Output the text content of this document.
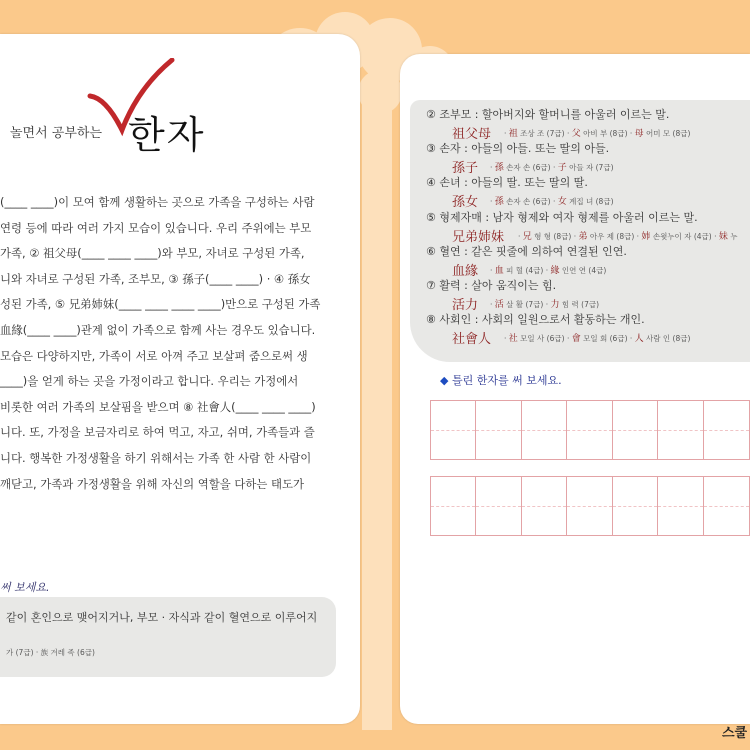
놀면서 공부하는 한자
(____ ____)이 모여 함께 생활하는 곳으로 가족을 구성하는 사람
연령 등에 따라 여러 가지 모습이 있습니다. 우리 주위에는 부모
가족, ② 祖父母(____ ____ ____)와 부모, 자녀로 구성된 가족,
니와 자녀로 구성된 가족, 조부모, ③ 孫子(____ ____) · ④ 孫女
성된 가족, ⑤ 兄弟姉妹(____ ____ ____ ____)만으로 구성된 가족
血緣(____ ____)관계 없이 가족으로 함께 사는 경우도 있습니다.
모습은 다양하지만, 가족이 서로 아껴 주고 보살펴 줌으로써 생
____)을 얻게 하는 곳을 가정이라고 합니다. 우리는 가정에서
비롯한 여러 가족의 보살핌을 받으며 ⑧ 社會人(____ ____ ____)
니다. 또, 가정을 보금자리로 하여 먹고, 자고, 쉬며, 가족들과 즐
니다. 행복한 가정생활을 하기 위해서는 가족 한 사람 한 사람이
깨닫고, 가족과 가정생활을 위해 자신의 역할을 다하는 태도가
써 보세요.
같이 혼인으로 맺어지거나, 부모 · 자식과 같이 혈연으로 이루어지
가 (7급) · 族 겨레 족 (6급)
② 조부모 : 할아버지와 할머니를 아울러 이르는 말.
祖父母 · 祖 조상 조 (7급) · 父 아비 부 (8급) · 母 어미 모 (8급)
③ 손자 : 아들의 아들. 또는 딸의 아들.
孫子 · 孫 손자 손 (6급) · 子 아들 자 (7급)
④ 손녀 : 아들의 딸. 또는 딸의 딸.
孫女 · 孫 손자 손 (6급) · 女 계집 녀 (8급)
⑤ 형제자매 : 남자 형제와 여자 형제를 아울러 이르는 말.
兄弟姉妹 · 兄 형 형 (8급) · 弟 아우 제 (8급) · 姉 손윗누이 자 (4급) · 妹 누
⑥ 혈연 : 같은 핏줄에 의하여 연결된 인연.
血緣 · 血 피 혈 (4급) · 緣 인연 연 (4급)
⑦ 활력 : 살아 움직이는 힘.
活力 · 活 살 활 (7급) · 力 힘 력 (7급)
⑧ 사회인 : 사회의 일원으로서 활동하는 개인.
社會人 · 社 모일 사 (6급) · 會 모일 회 (6급) · 人 사람 인 (8급)
◆ 틀린 한자를 써 보세요.
스쿨
